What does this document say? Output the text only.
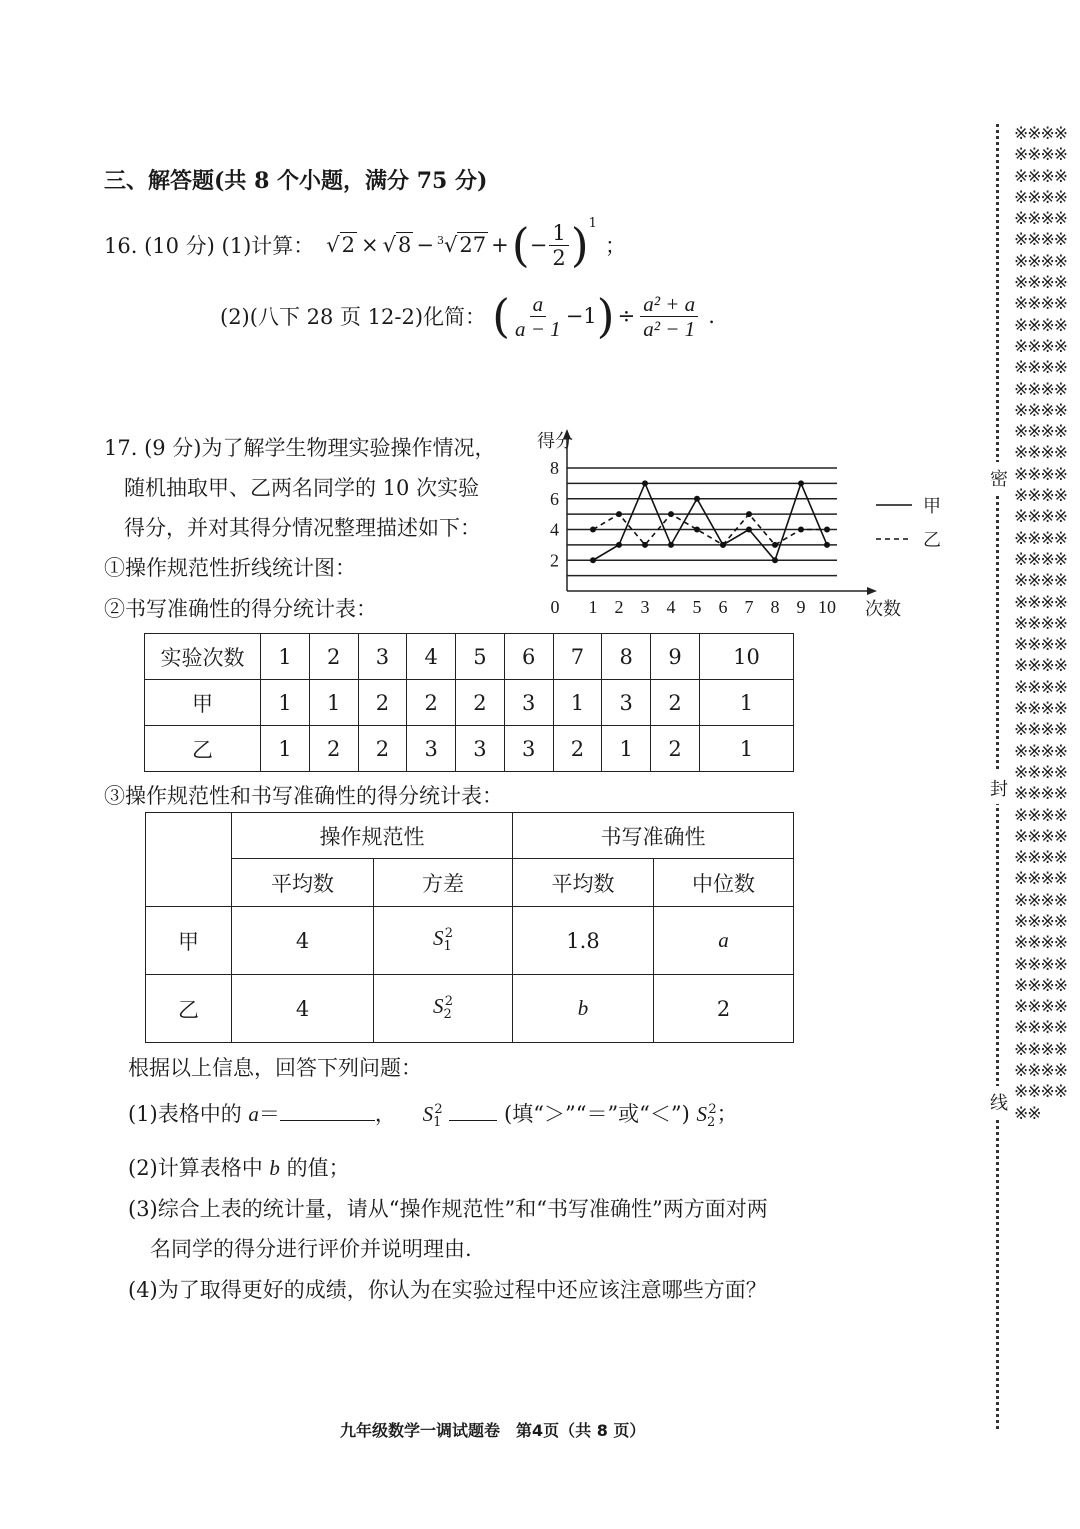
三、解答题(共 8 个小题，满分 75 分)
16. (10 分) (1)计算： √2 × √8 − $^3$√27 + ( − $\frac{1}{2} )^1$
；
(2)(八下 28 页 12-2)化简： ( $\frac{a}{a - 1} -1$ ) ÷ $\frac{\text{a² + a}}{\text{a² − 1}}$ .
17. (9 分)为了解学生物理实验操作情况，
随机抽取甲、乙两名同学的 10 次实验
得分，并对其得分情况整理描述如下：
①操作规范性折线统计图：
②书写准确性的得分统计表：	1 2 3 4 5 6 7 8 9 10
2
4
6
8
0
得分
次数
甲
乙
实验次数	1	2	3	4	5	6	7	8	9	10
甲	1	1	2	2	2	3	1	3	2	1
乙	1	2	2	3	3	3	2	1	2	1
③操作规范性和书写准确性的得分统计表：
	操作规范性		书写准确性	
	平均数	方差	平均数	中位数
甲	4	$S_1^2$	1.8	a
乙	4	$S_2^2$	b	2
根据以上信息，回答下列问题：
(1)表格中的 a＝	， $S_1^2$	(填“＞”“＝”或“＜”) $S_2^2$；
(2)计算表格中 b 的值；
(3)综合上表的统计量，请从“操作规范性”和“书写准确性”两方面对两
名同学的得分进行评价并说明理由.
(4)为了取得更好的成绩，你认为在实验过程中还应该注意哪些方面？
九年级数学一调试题卷　第4页（共 8 页）
※※※※※※※※※※※※※※※※※※※※※※※※※※※※※※※※※※※※※※※※※※※※※※※※※※※※※※※※※※※※※※※※※※※※※※※※※※※※※※※※※※※※※※※※※※※※※※※※※※※※※※※※※※※※※※※※※※※※※※※※※※※※※※※※※※※※※※※※※※※※※※※※※※※※※※※※※※※※※※※※※※※※※※※※※※※※※※※※※※※※※※※※※※
密
封
线
